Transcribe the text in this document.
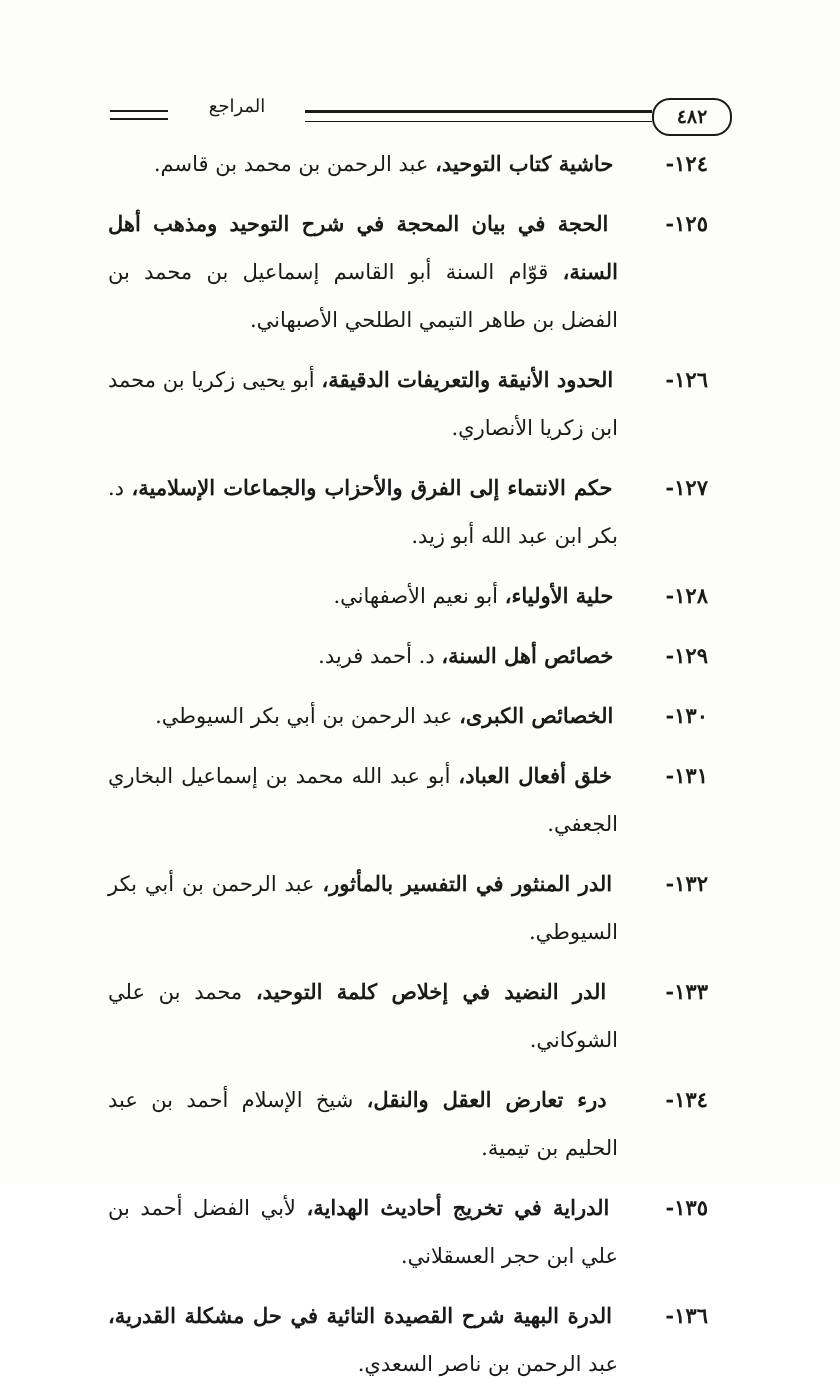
٤٨٢
المراجع

١٢٤- حاشية كتاب التوحيد، عبد الرحمن بن محمد بن قاسم.

١٢٥- الحجة في بيان المحجة في شرح التوحيد ومذهب أهل السنة، قوّام السنة أبو القاسم إسماعيل بن محمد بن الفضل بن طاهر التيمي الطلحي الأصبهاني.

١٢٦- الحدود الأنيقة والتعريفات الدقيقة، أبو يحيى زكريا بن محمد ابن زكريا الأنصاري.

١٢٧- حكم الانتماء إلى الفرق والأحزاب والجماعات الإسلامية، د. بكر ابن عبد الله أبو زيد.

١٢٨- حلية الأولياء، أبو نعيم الأصفهاني.

١٢٩- خصائص أهل السنة، د. أحمد فريد.

١٣٠- الخصائص الكبرى، عبد الرحمن بن أبي بكر السيوطي.

١٣١- خلق أفعال العباد، أبو عبد الله محمد بن إسماعيل البخاري الجعفي.

١٣٢- الدر المنثور في التفسير بالمأثور، عبد الرحمن بن أبي بكر السيوطي.

١٣٣- الدر النضيد في إخلاص كلمة التوحيد، محمد بن علي الشوكاني.

١٣٤- درء تعارض العقل والنقل، شيخ الإسلام أحمد بن عبد الحليم بن تيمية.

١٣٥- الدراية في تخريج أحاديث الهداية، لأبي الفضل أحمد بن علي ابن حجر العسقلاني.

١٣٦- الدرة البهية شرح القصيدة التائية في حل مشكلة القدرية، عبد الرحمن بن ناصر السعدي.
